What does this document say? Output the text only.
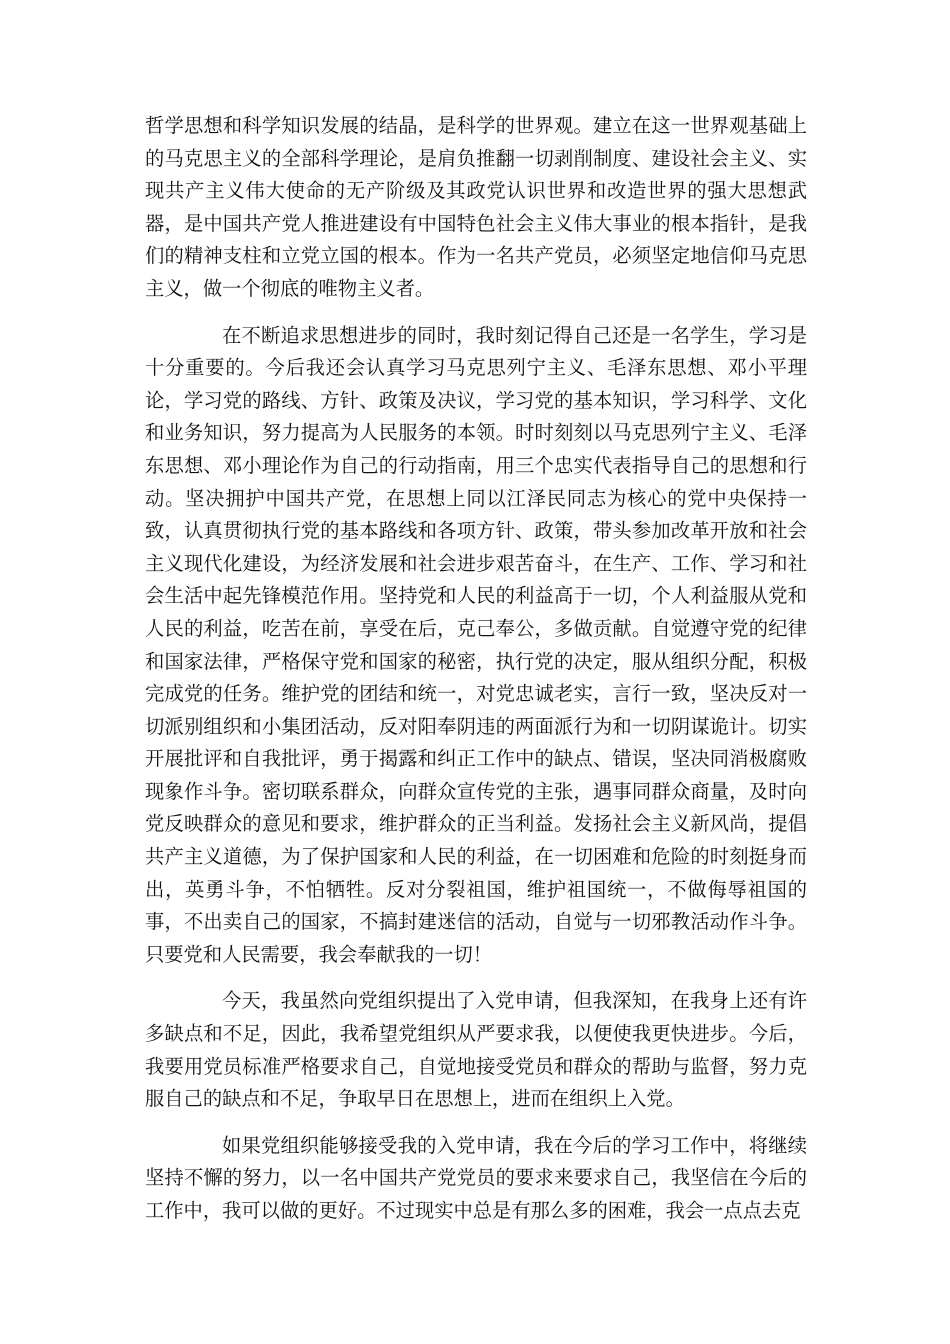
哲学思想和科学知识发展的结晶，是科学的世界观。建立在这一世界观基础上的马克思主义的全部科学理论，是肩负推翻一切剥削制度、建设社会主义、实现共产主义伟大使命的无产阶级及其政党认识世界和改造世界的强大思想武器，是中国共产党人推进建设有中国特色社会主义伟大事业的根本指针，是我们的精神支柱和立党立国的根本。作为一名共产党员，必须坚定地信仰马克思主义，做一个彻底的唯物主义者。

在不断追求思想进步的同时，我时刻记得自己还是一名学生，学习是十分重要的。今后我还会认真学习马克思列宁主义、毛泽东思想、邓小平理论，学习党的路线、方针、政策及决议，学习党的基本知识，学习科学、文化和业务知识，努力提高为人民服务的本领。时时刻刻以马克思列宁主义、毛泽东思想、邓小理论作为自己的行动指南，用三个忠实代表指导自己的思想和行动。坚决拥护中国共产党，在思想上同以江泽民同志为核心的党中央保持一致，认真贯彻执行党的基本路线和各项方针、政策，带头参加改革开放和社会主义现代化建设，为经济发展和社会进步艰苦奋斗，在生产、工作、学习和社会生活中起先锋模范作用。坚持党和人民的利益高于一切，个人利益服从党和人民的利益，吃苦在前，享受在后，克己奉公，多做贡献。自觉遵守党的纪律和国家法律，严格保守党和国家的秘密，执行党的决定，服从组织分配，积极完成党的任务。维护党的团结和统一，对党忠诚老实，言行一致，坚决反对一切派别组织和小集团活动，反对阳奉阴违的两面派行为和一切阴谋诡计。切实开展批评和自我批评，勇于揭露和纠正工作中的缺点、错误，坚决同消极腐败现象作斗争。密切联系群众，向群众宣传党的主张，遇事同群众商量，及时向党反映群众的意见和要求，维护群众的正当利益。发扬社会主义新风尚，提倡共产主义道德，为了保护国家和人民的利益，在一切困难和危险的时刻挺身而出，英勇斗争，不怕牺牲。反对分裂祖国，维护祖国统一，不做侮辱祖国的事，不出卖自己的国家，不搞封建迷信的活动，自觉与一切邪教活动作斗争。只要党和人民需要，我会奉献我的一切！

今天，我虽然向党组织提出了入党申请，但我深知，在我身上还有许多缺点和不足，因此，我希望党组织从严要求我，以便使我更快进步。今后，我要用党员标准严格要求自己，自觉地接受党员和群众的帮助与监督，努力克服自己的缺点和不足，争取早日在思想上，进而在组织上入党。

如果党组织能够接受我的入党申请，我在今后的学习工作中，将继续坚持不懈的努力，以一名中国共产党党员的要求来要求自己，我坚信在今后的工作中，我可以做的更好。不过现实中总是有那么多的困难，我会一点点去克
